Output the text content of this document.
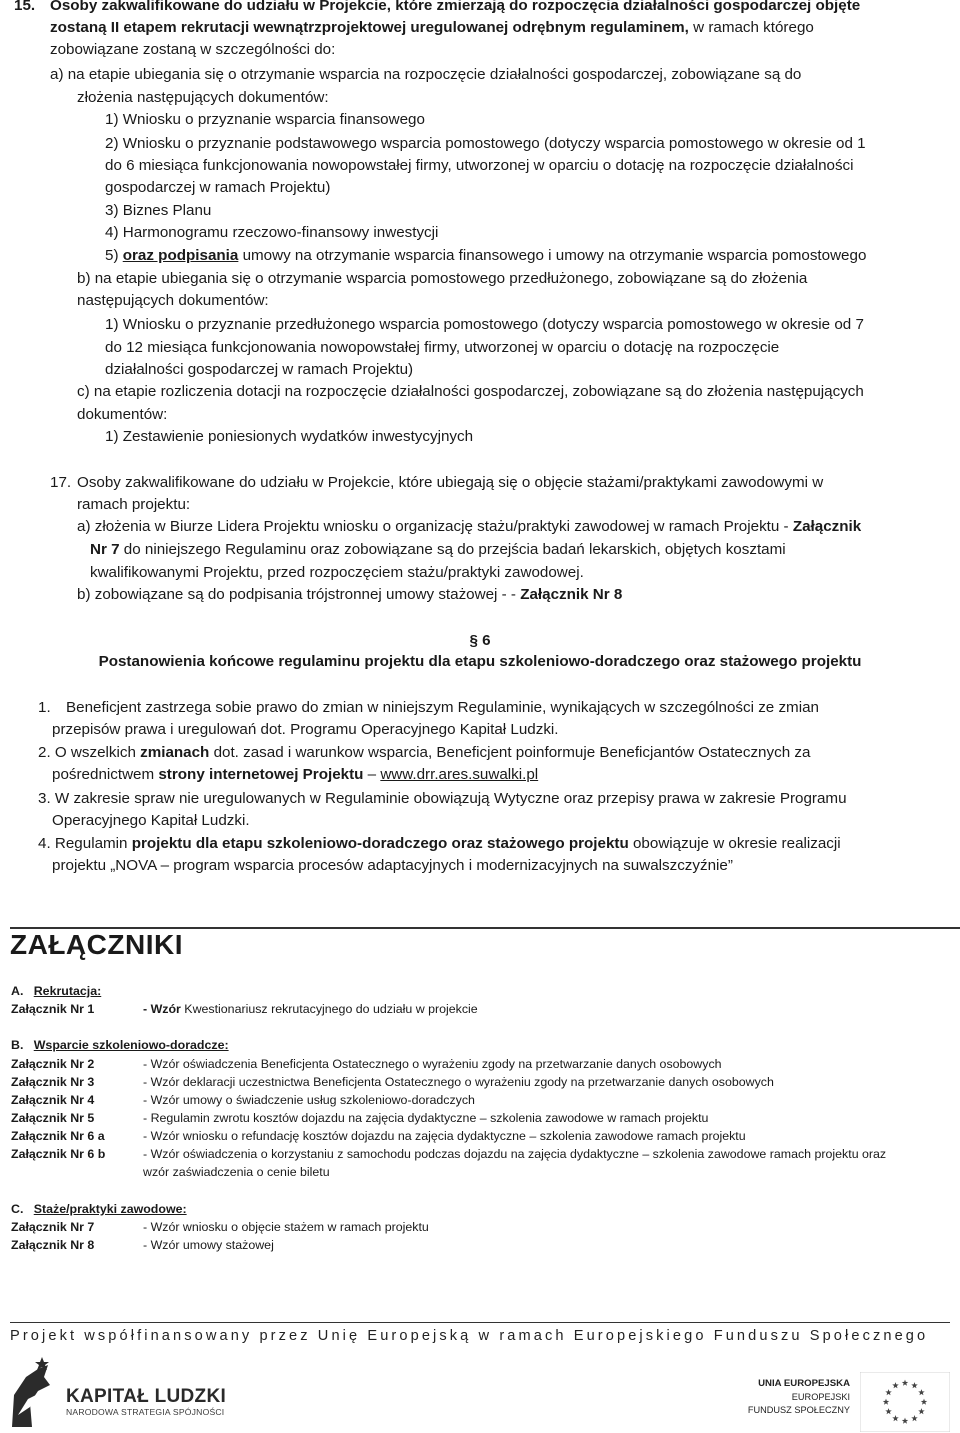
15. Osoby zakwalifikowane do udziału w Projekcie, które zmierzają do rozpoczęcia działalności gospodarczej objęte
zostaną II etapem rekrutacji wewnątrzprojektowej uregulowanej odrębnym regulaminem, w ramach którego
zobowiązane zostaną w szczególności do:
a) na etapie ubiegania się o otrzymanie wsparcia na rozpoczęcie działalności gospodarczej, zobowiązane są do
złożenia następujących dokumentów:
1) Wniosku o przyznanie wsparcia finansowego
2) Wniosku o przyznanie podstawowego wsparcia pomostowego (dotyczy wsparcia pomostowego w okresie od 1
do 6 miesiąca funkcjonowania nowopowstałej firmy, utworzonej w oparciu o dotację na rozpoczęcie działalności
gospodarczej w ramach Projektu)
3) Biznes Planu
4) Harmonogramu rzeczowo-finansowy inwestycji
5) oraz podpisania umowy na otrzymanie wsparcia finansowego i umowy na otrzymanie wsparcia pomostowego
b) na etapie ubiegania się o otrzymanie wsparcia pomostowego przedłużonego, zobowiązane są do złożenia
następujących dokumentów:
1) Wniosku o przyznanie przedłużonego wsparcia pomostowego (dotyczy wsparcia pomostowego w okresie od 7
do 12 miesiąca funkcjonowania nowopowstałej firmy, utworzonej w oparciu o dotację na rozpoczęcie
działalności gospodarczej w ramach Projektu)
c) na etapie rozliczenia dotacji na rozpoczęcie działalności gospodarczej, zobowiązane są do złożenia następujących
dokumentów:
1) Zestawienie poniesionych wydatków inwestycyjnych
17. Osoby zakwalifikowane do udziału w Projekcie, które ubiegają się o objęcie stażami/praktykami zawodowymi w
ramach projektu:
a) złożenia w Biurze Lidera Projektu wniosku o organizację stażu/praktyki zawodowej w ramach Projektu - Załącznik
Nr 7 do niniejszego Regulaminu oraz zobowiązane są do przejścia badań lekarskich, objętych kosztami
kwalifikowanymi Projektu, przed rozpoczęciem stażu/praktyki zawodowej.
b) zobowiązane są do podpisania trójstronnej umowy stażowej - - Załącznik Nr 8
§ 6
Postanowienia końcowe regulaminu projektu dla etapu szkoleniowo-doradczego oraz stażowego projektu
1. Beneficjent zastrzega sobie prawo do zmian w niniejszym Regulaminie, wynikających w szczególności ze zmian
przepisów prawa i uregulowań dot. Programu Operacyjnego Kapitał Ludzki.
2. O wszelkich zmianach dot. zasad i warunkow wsparcia, Beneficjent poinformuje Beneficjantów Ostatecznych za
pośrednictwem strony internetowej Projektu – www.drr.ares.suwalki.pl
3. W zakresie spraw nie uregulowanych w Regulaminie obowiązują Wytyczne oraz przepisy prawa w zakresie Programu
Operacyjnego Kapitał Ludzki.
4. Regulamin projektu dla etapu szkoleniowo-doradczego oraz stażowego projektu obowiązuje w okresie realizacji
projektu „NOVA – program wsparcia procesów adaptacyjnych i modernizacyjnych na suwalszczyźnie”
ZAŁĄCZNIKI
A. Rekrutacja:
Załącznik Nr 1	- Wzór Kwestionariusz rekrutacyjnego do udziału w projekcie
B. Wsparcie szkoleniowo-doradcze:
Załącznik Nr 2	- Wzór oświadczenia Beneficjenta Ostatecznego o wyrażeniu zgody na przetwarzanie danych osobowych
Załącznik Nr 3	- Wzór deklaracji uczestnictwa Beneficjenta Ostatecznego o wyrażeniu zgody na przetwarzanie danych osobowych
Załącznik Nr 4	- Wzór umowy o świadczenie usług szkoleniowo-doradczych
Załącznik Nr 5	- Regulamin zwrotu kosztów dojazdu na zajęcia dydaktyczne – szkolenia zawodowe w ramach projektu
Załącznik Nr 6 a	- Wzór wniosku o refundację kosztów dojazdu na zajęcia dydaktyczne – szkolenia zawodowe ramach projektu
Załącznik Nr 6 b	- Wzór oświadczenia o korzystaniu z samochodu podczas dojazdu na zajęcia dydaktyczne – szkolenia zawodowe ramach projektu oraz
wzór zaświadczenia o cenie biletu
C. Staże/praktyki zawodowe:
Załącznik Nr 7	- Wzór wniosku o objęcie stażem w ramach projektu
Załącznik Nr 8	- Wzór umowy stażowej
Projekt współfinansowany przez Unię Europejską w ramach Europejskiego Funduszu Społecznego
KAPITAŁ LUDZKI
NARODOWA STRATEGIA SPÓJNOŚCI
UNIA EUROPEJSKA
EUROPEJSKI
FUNDUSZ SPOŁECZNY
